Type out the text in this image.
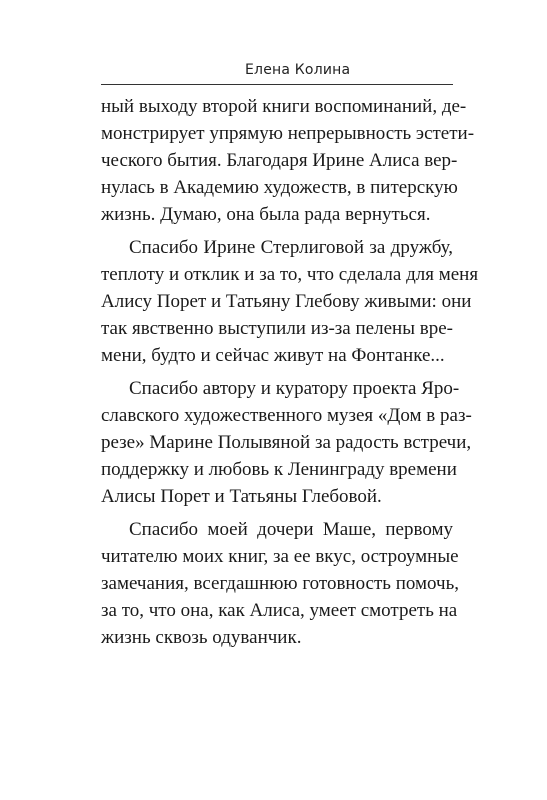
Елена Колина
ный выходу второй книги воспоминаний, де-
монстрирует упрямую непрерывность эстети-
ческого бытия. Благодаря Ирине Алиса вер-
нулась в Академию художеств, в питерскую
жизнь. Думаю, она была рада вернуться.
Спасибо Ирине Стерлиговой за дружбу,
теплоту и отклик и за то, что сделала для меня
Алису Порет и Татьяну Глебову живыми: они
так явственно выступили из-за пелены вре-
мени, будто и сейчас живут на Фонтанке...
Спасибо автору и куратору проекта Яро-
славского художественного музея «Дом в раз-
резе» Марине Полывяной за радость встречи,
поддержку и любовь к Ленинграду времени
Алисы Порет и Татьяны Глебовой.
Спасибо моей дочери Маше, первому
читателю моих книг, за ее вкус, остроумные
замечания, всегдашнюю готовность помочь,
за то, что она, как Алиса, умеет смотреть на
жизнь сквозь одуванчик.
